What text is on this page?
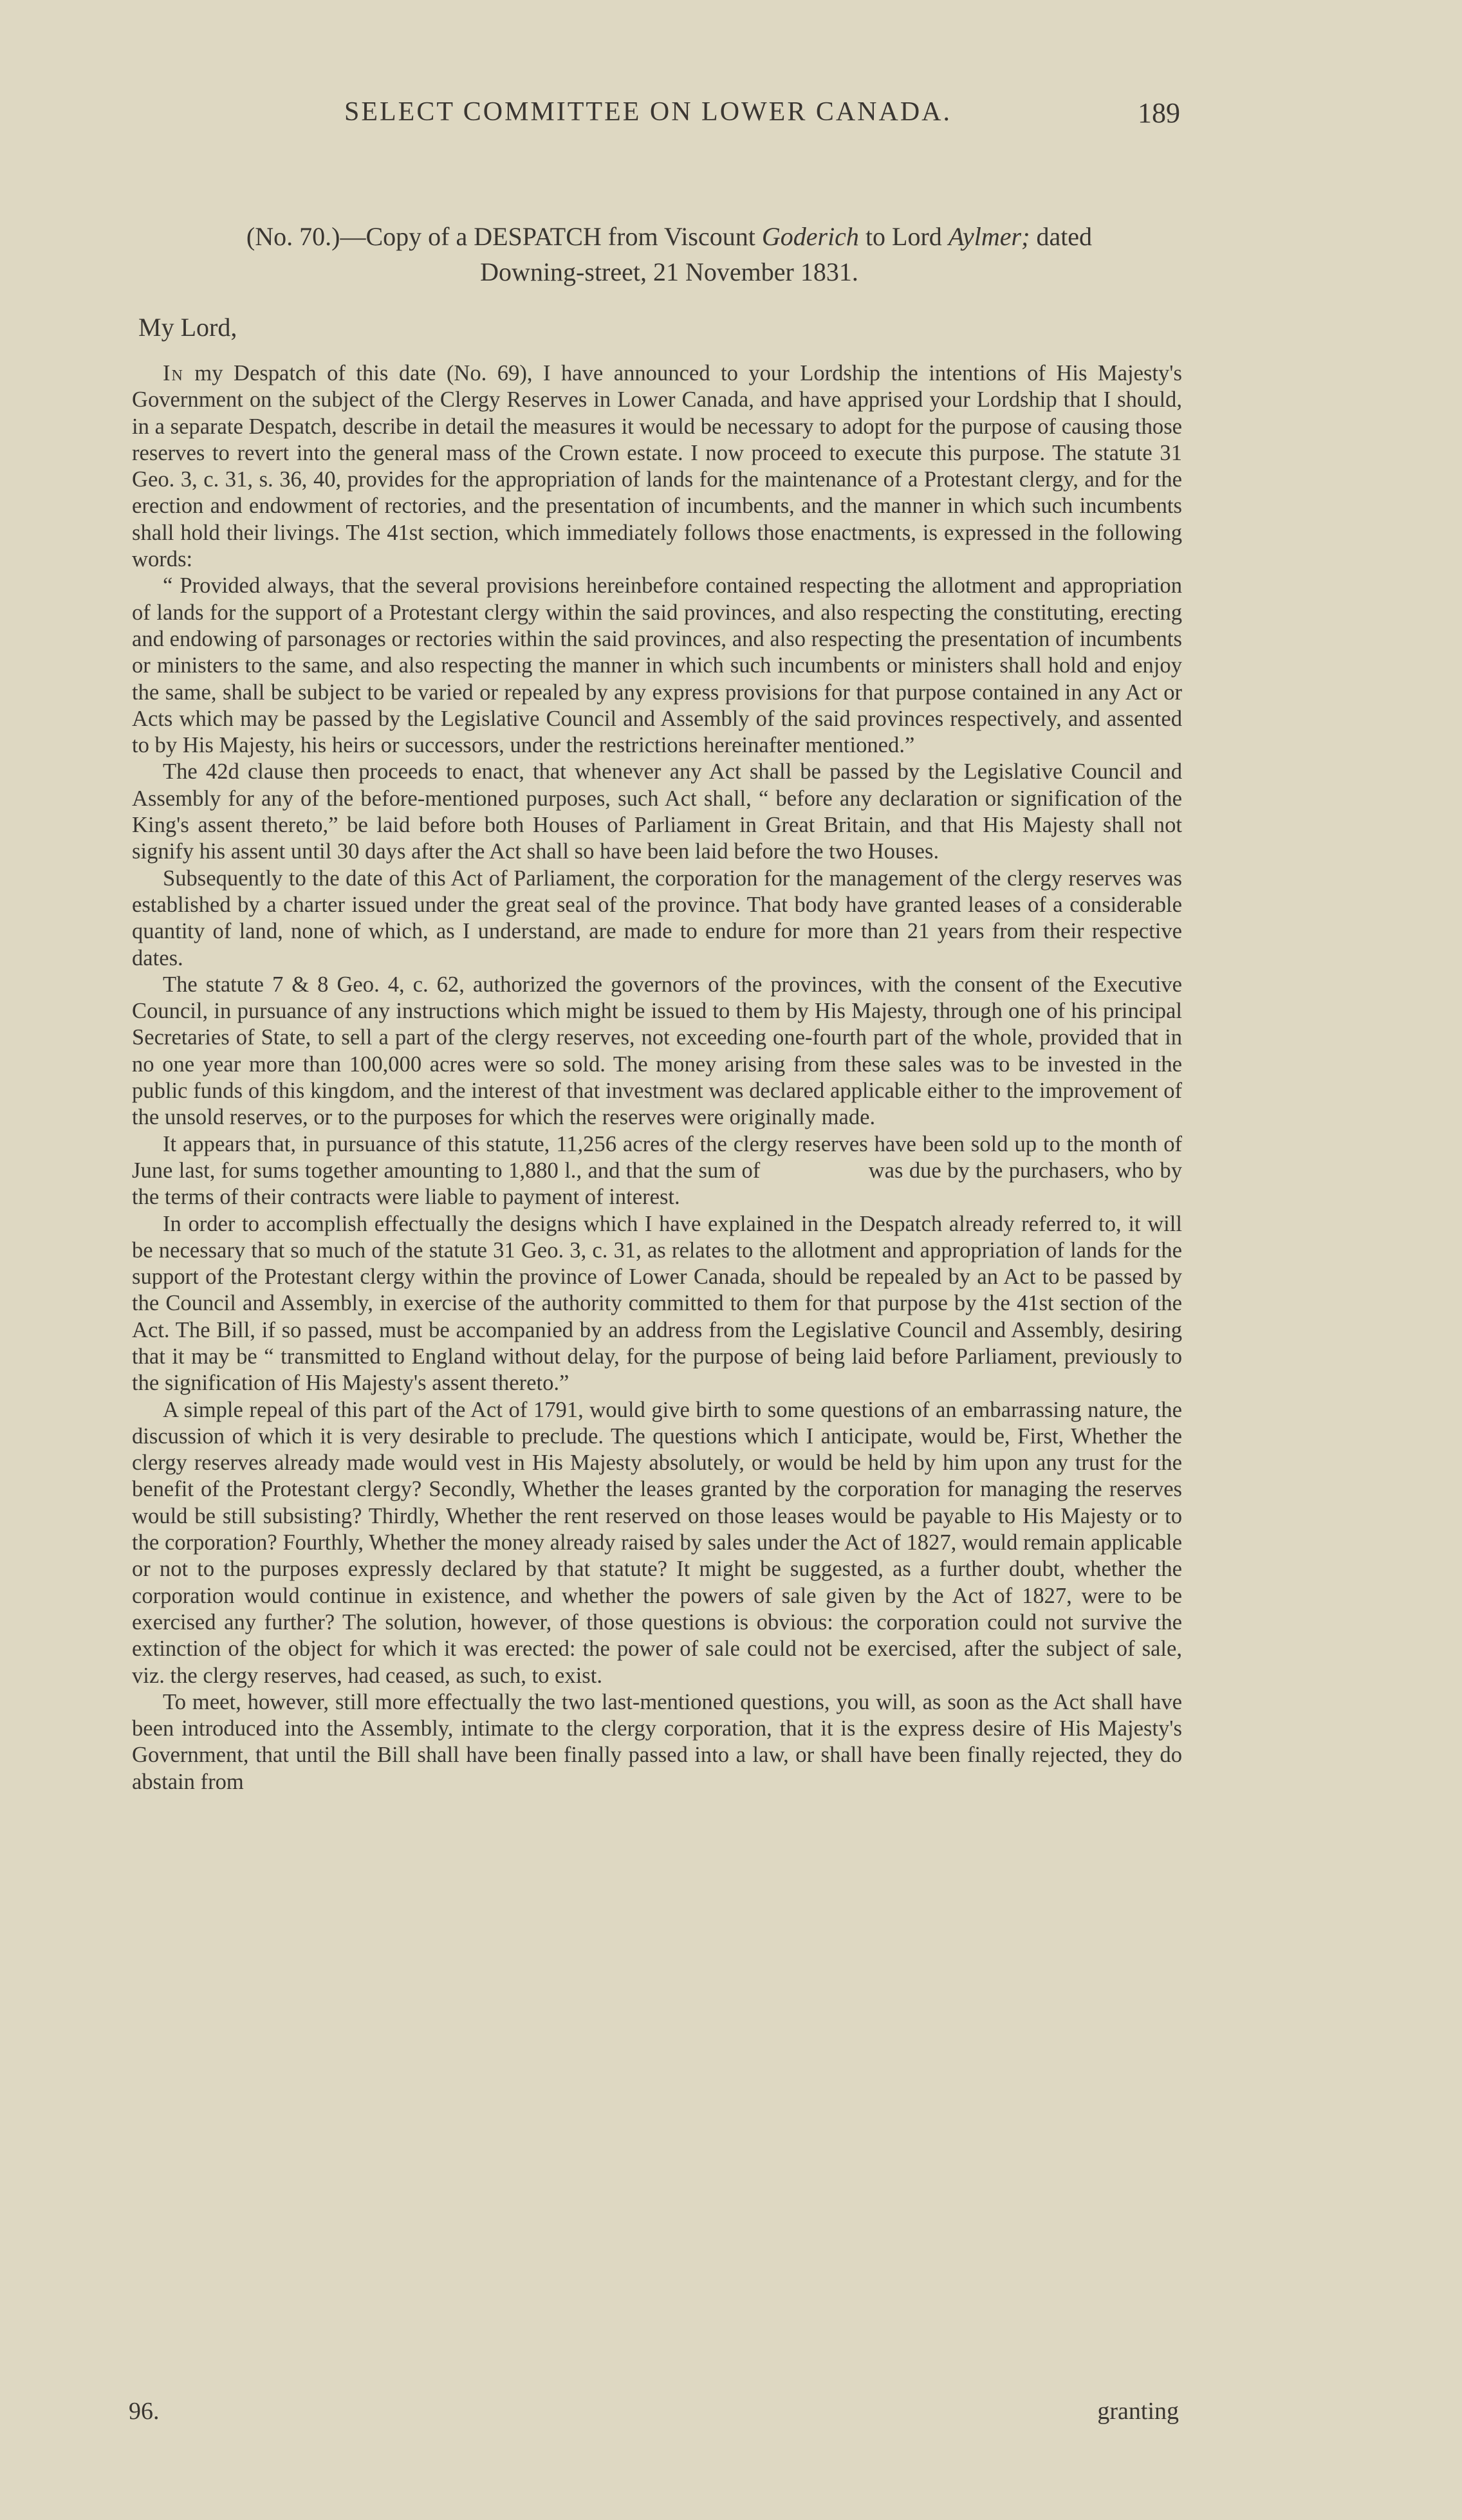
SELECT COMMITTEE ON LOWER CANADA.	189
(No. 70.)—Copy of a DESPATCH from Viscount Goderich to Lord Aylmer; dated
Downing-street, 21 November 1831.
My Lord,

In my Despatch of this date (No. 69), I have announced to your Lordship the intentions of His Majesty's Government on the subject of the Clergy Reserves in Lower Canada, and have apprised your Lordship that I should, in a separate Despatch, describe in detail the measures it would be necessary to adopt for the purpose of causing those reserves to revert into the general mass of the Crown estate. I now proceed to execute this purpose. The statute 31 Geo. 3, c. 31, s. 36, 40, provides for the appropriation of lands for the maintenance of a Protestant clergy, and for the erection and endowment of rectories, and the presentation of incumbents, and the manner in which such incumbents shall hold their livings. The 41st section, which immediately follows those enactments, is expressed in the following words:

“ Provided always, that the several provisions hereinbefore contained respecting the allotment and appropriation of lands for the support of a Protestant clergy within the said provinces, and also respecting the constituting, erecting and endowing of parsonages or rectories within the said provinces, and also respecting the presentation of incumbents or ministers to the same, and also respecting the manner in which such incumbents or ministers shall hold and enjoy the same, shall be subject to be varied or repealed by any express provisions for that purpose contained in any Act or Acts which may be passed by the Legislative Council and Assembly of the said provinces respectively, and assented to by His Majesty, his heirs or successors, under the restrictions hereinafter mentioned.”

The 42d clause then proceeds to enact, that whenever any Act shall be passed by the Legislative Council and Assembly for any of the before-mentioned purposes, such Act shall, “ before any declaration or signification of the King's assent thereto,” be laid before both Houses of Parliament in Great Britain, and that His Majesty shall not signify his assent until 30 days after the Act shall so have been laid before the two Houses.

Subsequently to the date of this Act of Parliament, the corporation for the management of the clergy reserves was established by a charter issued under the great seal of the province. That body have granted leases of a considerable quantity of land, none of which, as I understand, are made to endure for more than 21 years from their respective dates.

The statute 7 & 8 Geo. 4, c. 62, authorized the governors of the provinces, with the consent of the Executive Council, in pursuance of any instructions which might be issued to them by His Majesty, through one of his principal Secretaries of State, to sell a part of the clergy reserves, not exceeding one-fourth part of the whole, provided that in no one year more than 100,000 acres were so sold. The money arising from these sales was to be invested in the public funds of this kingdom, and the interest of that investment was declared applicable either to the improvement of the unsold reserves, or to the purposes for which the reserves were originally made.

It appears that, in pursuance of this statute, 11,256 acres of the clergy reserves have been sold up to the month of June last, for sums together amounting to 1,880 l., and that the sum of                  was due by the purchasers, who by the terms of their contracts were liable to payment of interest.

In order to accomplish effectually the designs which I have explained in the Despatch already referred to, it will be necessary that so much of the statute 31 Geo. 3, c. 31, as relates to the allotment and appropriation of lands for the support of the Protestant clergy within the province of Lower Canada, should be repealed by an Act to be passed by the Council and Assembly, in exercise of the authority committed to them for that purpose by the 41st section of the Act. The Bill, if so passed, must be accompanied by an address from the Legislative Council and Assembly, desiring that it may be “ transmitted to England without delay, for the purpose of being laid before Parliament, previously to the signification of His Majesty's assent thereto.”

A simple repeal of this part of the Act of 1791, would give birth to some questions of an embarrassing nature, the discussion of which it is very desirable to preclude. The questions which I anticipate, would be, First, Whether the clergy reserves already made would vest in His Majesty absolutely, or would be held by him upon any trust for the benefit of the Protestant clergy? Secondly, Whether the leases granted by the corporation for managing the reserves would be still subsisting? Thirdly, Whether the rent reserved on those leases would be payable to His Majesty or to the corporation? Fourthly, Whether the money already raised by sales under the Act of 1827, would remain applicable or not to the purposes expressly declared by that statute? It might be suggested, as a further doubt, whether the corporation would continue in existence, and whether the powers of sale given by the Act of 1827, were to be exercised any further? The solution, however, of those questions is obvious: the corporation could not survive the extinction of the object for which it was erected: the power of sale could not be exercised, after the subject of sale, viz. the clergy reserves, had ceased, as such, to exist.

To meet, however, still more effectually the two last-mentioned questions, you will, as soon as the Act shall have been introduced into the Assembly, intimate to the clergy corporation, that it is the express desire of His Majesty's Government, that until the Bill shall have been finally passed into a law, or shall have been finally rejected, they do abstain from

96.	granting
